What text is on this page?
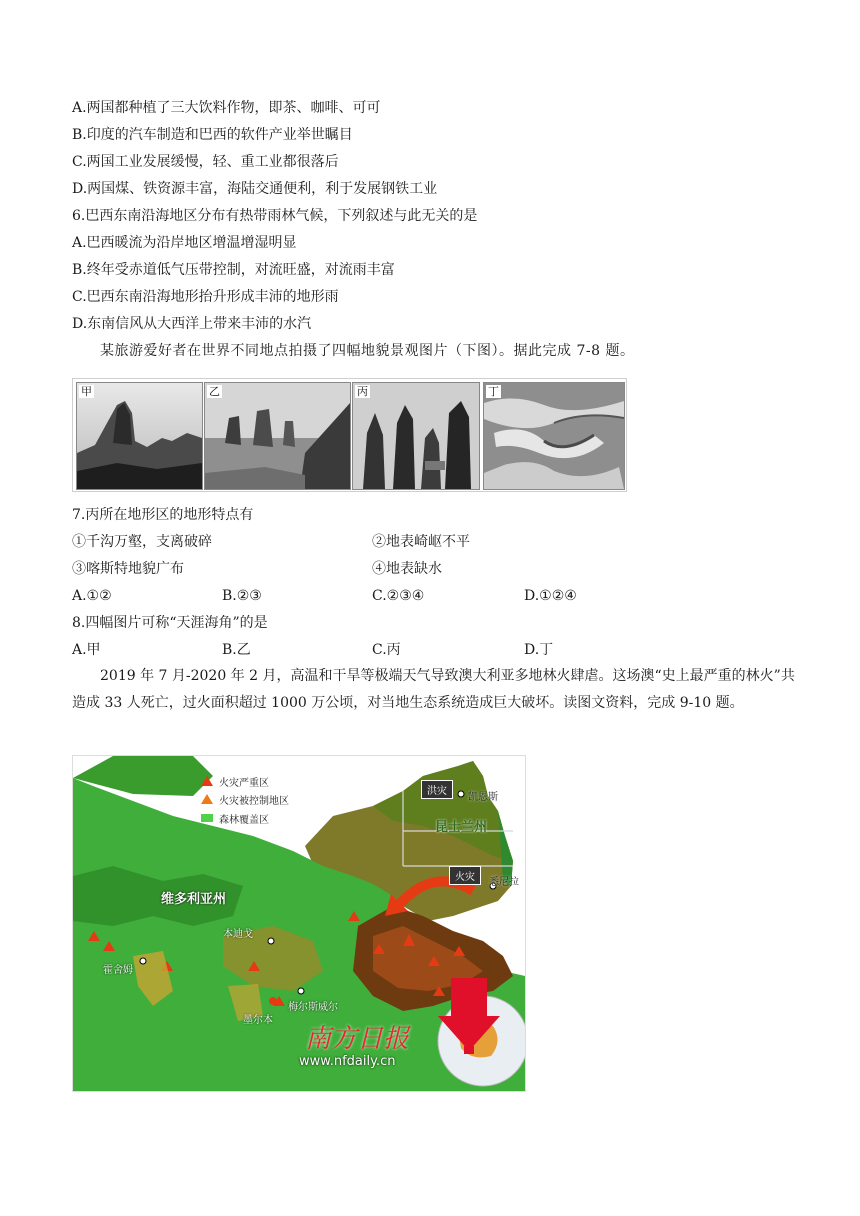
A.两国都种植了三大饮料作物，即茶、咖啡、可可
B.印度的汽车制造和巴西的软件产业举世瞩目
C.两国工业发展缓慢，轻、重工业都很落后
D.两国煤、铁资源丰富，海陆交通便利，利于发展钢铁工业
6.巴西东南沿海地区分布有热带雨林气候，下列叙述与此无关的是
A.巴西暖流为沿岸地区增温增湿明显
B.终年受赤道低气压带控制，对流旺盛，对流雨丰富
C.巴西东南沿海地形抬升形成丰沛的地形雨
D.东南信风从大西洋上带来丰沛的水汽
某旅游爱好者在世界不同地点拍摄了四幅地貌景观图片（下图）。据此完成 7-8 题。
甲	乙	丙	丁
7.丙所在地形区的地形特点有
①千沟万壑，支离破碎	②地表崎岖不平
③喀斯特地貌广布	④地表缺水
A.①②	B.②③	C.②③④	D.①②④
8.四幅图片可称“天涯海角”的是
A.甲	B.乙	C.丙	D.丁
2019 年 7 月-2020 年 2 月，高温和干旱等极端天气导致澳大利亚多地林火肆虐。这场澳“史上最严重的林火”共造成 33 人死亡，过火面积超过 1000 万公顷，对当地生态系统造成巨大破坏。读图文资料，完成 9-10 题。
火灾严重区
火灾被控制地区
森林覆盖区
洪灾
火灾
昆士兰州
维多利亚州
凯恩斯
悉尼拉
本迪戈
霍舍姆
梅尔斯威尔
墨尔本
南方日报
www.nfdaily.cn
